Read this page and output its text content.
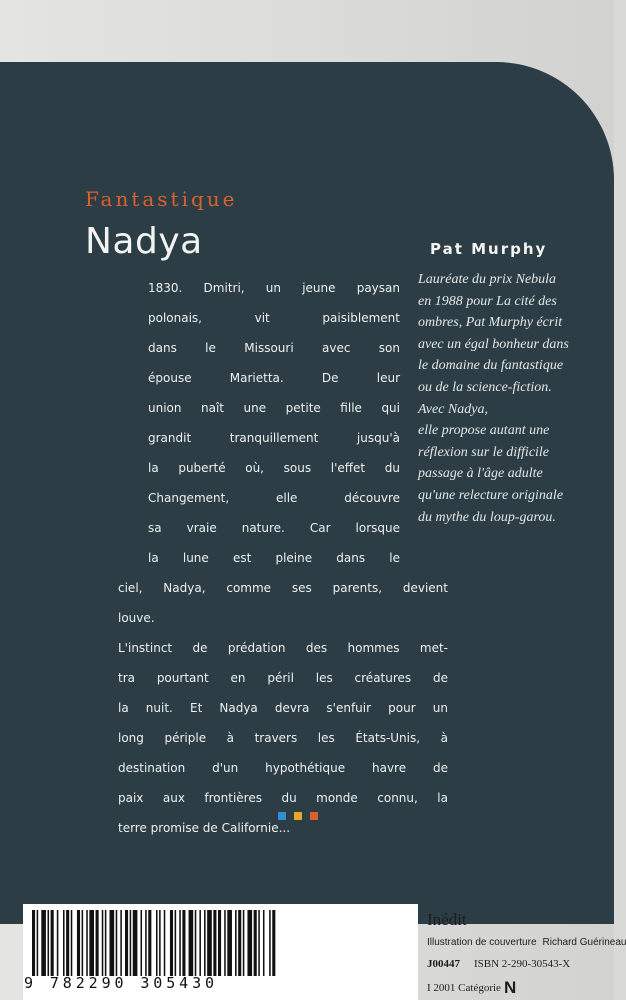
Fantastique
Nadya	Pat Murphy
Lauréate du prix Nebula
en 1988 pour La cité des
ombres, Pat Murphy écrit
avec un égal bonheur dans
le domaine du fantastique
ou de la science-fiction.
Avec Nadya,
elle propose autant une
réflexion sur le difficile
passage à l'âge adulte
qu'une relecture originale
du mythe du loup-garou.
1830. Dmitri, un jeune paysan
polonais, vit paisiblement
dans le Missouri avec son
épouse Marietta. De leur
union naît une petite fille qui
grandit tranquillement jusqu'à
la puberté où, sous l'effet du
Changement, elle découvre
sa vraie nature. Car lorsque
la lune est pleine dans le
ciel, Nadya, comme ses parents, devient
louve.
L'instinct de prédation des hommes met-
tra pourtant en péril les créatures de
la nuit. Et Nadya devra s'enfuir pour un
long périple à travers les États-Unis, à
destination d'un hypothétique havre de
paix aux frontières du monde connu, la
terre promise de Californie...
9 782290 305430
Inédit
Illustration de couverture Richard Guérineau
J00447 ISBN 2-290-30543-X
I 2001 Catégorie N
